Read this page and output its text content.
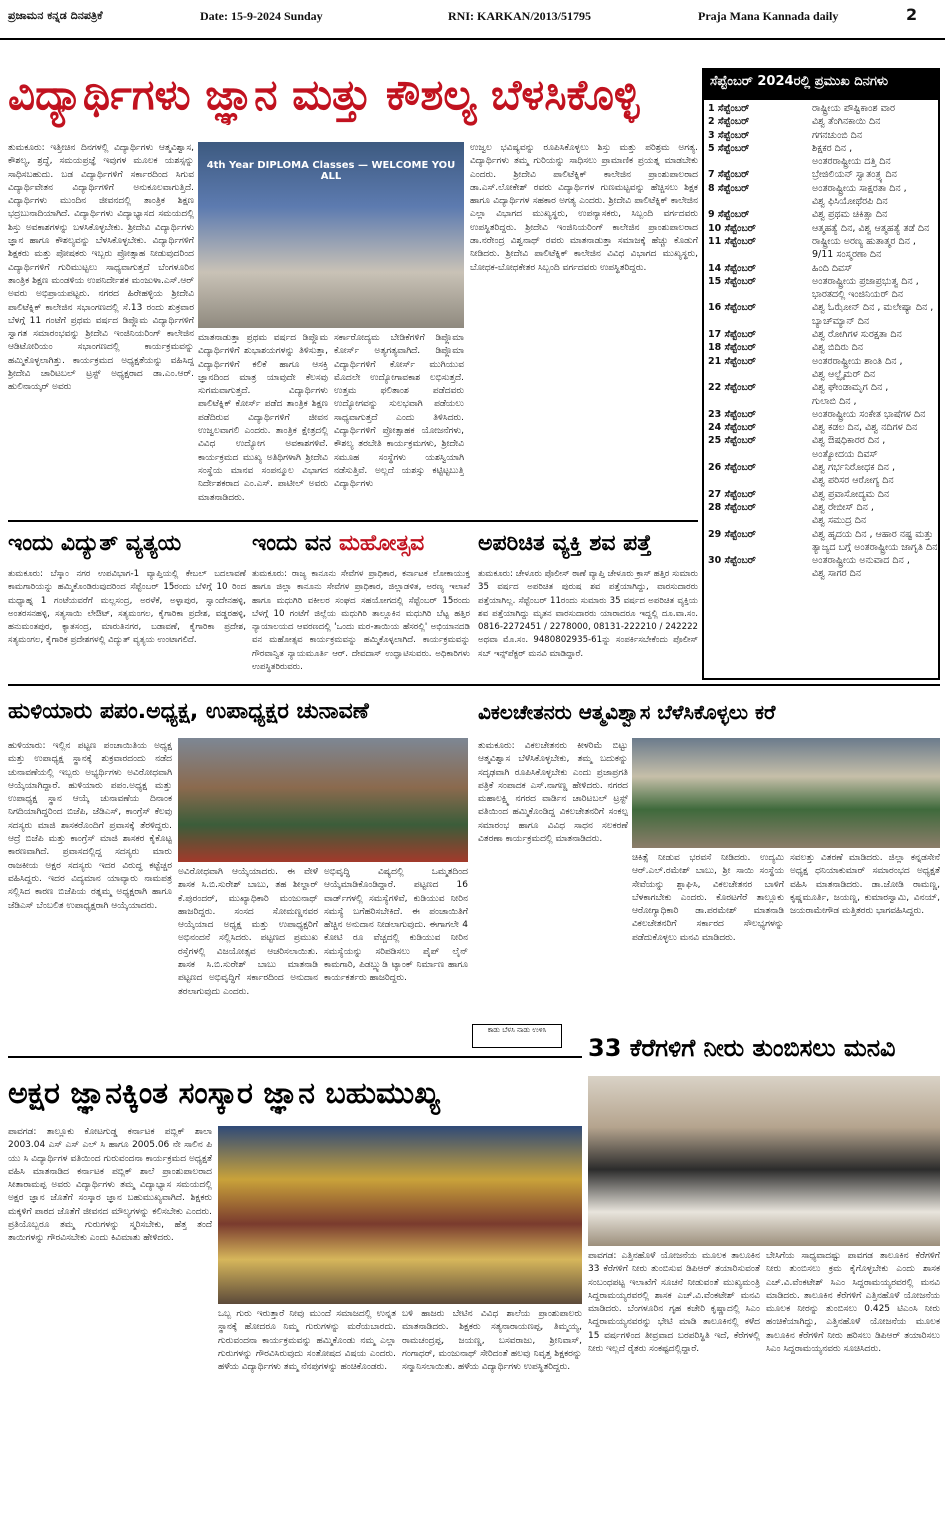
ಪ್ರಜಾಮನ ಕನ್ನಡ ದಿನಪತ್ರಿಕೆ	Date: 15-9-2024 Sunday	RNI: KARKAN/2013/51795	Praja Mana Kannada daily	2
ವಿದ್ಯಾರ್ಥಿಗಳು ಜ್ಞಾನ ಮತ್ತು ಕೌಶಲ್ಯ ಬೆಳಸಿಕೊಳ್ಳಿ
ತುಮಕೂರು: ಇತ್ತೀಚಿನ ದಿನಗಳಲ್ಲಿ ವಿದ್ಯಾರ್ಥಿಗಳು ಆತ್ಮವಿಶ್ವಾಸ, ಕೌಶಲ್ಯ, ಶ್ರದ್ಧೆ, ಸಮಯಪ್ರಜ್ಞೆ ಇವುಗಳ ಮೂಲಕ ಯಶಸ್ಸನ್ನು ಸಾಧಿಸಬಹುದು. ಬಡ ವಿದ್ಯಾರ್ಥಿಗಳಿಗೆ ಸರ್ಕಾರದಿಂದ ಸಿಗುವ ವಿದ್ಯಾರ್ಥಿವೇತನ ವಿದ್ಯಾರ್ಥಿಗಳಿಗೆ ಅನುಕೂಲವಾಗುತ್ತಿದೆ. ವಿದ್ಯಾರ್ಥಿಗಳು ಮುಂದಿನ ಜೀವನದಲ್ಲಿ ತಾಂತ್ರಿಕ ಶಿಕ್ಷಣ ಭದ್ರಬುನಾದಿಯಾಗಿದೆ. ವಿದ್ಯಾರ್ಥಿಗಳು ವಿದ್ಯಾಭ್ಯಾಸದ ಸಮಯದಲ್ಲಿ ಶಿಸ್ತು ಅವಕಾಶಗಳನ್ನು ಬಳಸಿಕೊಳ್ಳಬೇಕು. ಶ್ರೀದೇವಿ ವಿದ್ಯಾರ್ಥಿಗಳು ಜ್ಞಾನ ಹಾಗೂ ಕೌಶಲ್ಯವನ್ನು ಬೆಳಸಿಕೊಳ್ಳಬೇಕು. ವಿದ್ಯಾರ್ಥಿಗಳಿಗೆ ಶಿಕ್ಷಕರು ಮತ್ತು ಪೋಷಕರು ಇಬ್ಬರು ಪ್ರೋತ್ಸಾಹ ನೀಡುವುದರಿಂದ ವಿದ್ಯಾರ್ಥಿಗಳಿಗೆ ಗುರಿಮುಟ್ಟಲು ಸಾಧ್ಯವಾಗುತ್ತದೆ ಬೆಂಗಳೂರಿನ ತಾಂತ್ರಿಕ ಶಿಕ್ಷಣ ಮಂಡಳಿಯ ಉಪನಿರ್ದೇಶಕ ಮಂಜುಳಾ.ಎಸ್.ಆರ್ ಅವರು ಅಭಿಪ್ರಾಯಪಟ್ಟರು. ನಗರದ ಹಿರೇಹಳ್ಳಿಯ ಶ್ರೀದೇವಿ ಪಾಲಿಟೆಕ್ನಿಕ್ ಕಾಲೇಜಿನ ಸಭಾಂಗಣದಲ್ಲಿ ಸೆ.13 ರಂದು ಶುಕ್ರವಾರ ಬೆಳಗ್ಗೆ 11 ಗಂಟೆಗೆ ಪ್ರಥಮ ವರ್ಷದ ಡಿಪ್ಲೊಮ ವಿದ್ಯಾರ್ಥಿಗಳಿಗೆ ಸ್ವಾಗತ ಸಮಾರಂಭವನ್ನು ಶ್ರೀದೇವಿ ಇಂಜಿನಿಯರಿಂಗ್ ಕಾಲೇಜಿನ ಆಡಿಟೋರಿಯಂ ಸಭಾಂಗಣದಲ್ಲಿ ಕಾರ್ಯಕ್ರಮವನ್ನು ಹಮ್ಮಿಕೊಳ್ಳಲಾಗಿತ್ತು. ಕಾರ್ಯಕ್ರಮದ ಅಧ್ಯಕ್ಷತೆಯನ್ನು ವಹಿಸಿದ್ದ ಶ್ರೀದೇವಿ ಚಾರಿಟಬಲ್ ಟ್ರಸ್ಟ್ ಅಧ್ಯಕ್ಷರಾದ ಡಾ.ಎಂ.ಆರ್. ಹುಲಿನಾಯ್ಕರ್ ಅವರು
4th Year DIPLOMA Classes — WELCOME YOU ALL
ಮಾತನಾಡುತ್ತಾ ಪ್ರಥಮ ವರ್ಷದ ಡಿಪ್ಲೊಮ ವಿದ್ಯಾರ್ಥಿಗಳಿಗೆ ಶುಭಾಶಯಗಳನ್ನು ತಿಳಿಸುತ್ತಾ, ವಿದ್ಯಾರ್ಥಿಗಳಿಗೆ ಕಲಿಕೆ ಹಾಗೂ ಆಸಕ್ತಿ ಜ್ಞಾನದಿಂದ ಮಾತ್ರ ಯಾವುದೇ ಕೆಲಸವು ಸುಗಮವಾಗುತ್ತದೆ. ವಿದ್ಯಾರ್ಥಿಗಳು ಪಾಲಿಟೆಕ್ನಿಕ್ ಕೋರ್ಸ್ ಪಡೆದ ತಾಂತ್ರಿಕ ಶಿಕ್ಷಣ ಪಡೆದಿರುವ ವಿದ್ಯಾರ್ಥಿಗಳಿಗೆ ಜೀವನ ಉಜ್ವಲವಾಗಲಿ ಎಂದರು. ತಾಂತ್ರಿಕ ಕ್ಷೇತ್ರದಲ್ಲಿ ವಿವಿಧ ಉದ್ಯೋಗ ಅವಕಾಶಗಳಿವೆ. ಕಾರ್ಯಕ್ರಮದ ಮುಖ್ಯ ಅತಿಥಿಗಳಾಗಿ ಶ್ರೀದೇವಿ ಸಂಸ್ಥೆಯ ಮಾನವ ಸಂಪನ್ಮೂಲ ವಿಭಾಗದ ನಿರ್ದೇಶಕರಾದ ಎಂ.ಎಸ್. ಪಾಟೀಲ್ ಅವರು ಮಾತನಾಡಿದರು.
ಸರ್ಕಾರೋದ್ಯಮ ಬೇಡಿಕೆಗಳಿಗೆ ಡಿಪ್ಲೊಮಾ ಕೋರ್ಸ್ ಅತ್ಯಗತ್ಯವಾಗಿದೆ. ಡಿಪ್ಲೊಮಾ ವಿದ್ಯಾರ್ಥಿಗಳಿಗೆ ಕೋರ್ಸ್ ಮುಗಿಯುವ ಮೊದಲೇ ಉದ್ಯೋಗಾವಕಾಶ ಲಭಿಸುತ್ತದೆ. ಉತ್ತಮ ಫಲಿತಾಂಶ ಪಡೆದವರು ಉದ್ಯೋಗವನ್ನು ಸುಲಭವಾಗಿ ಪಡೆಯಲು ಸಾಧ್ಯವಾಗುತ್ತದೆ ಎಂದು ತಿಳಿಸಿದರು. ವಿದ್ಯಾರ್ಥಿಗಳಿಗೆ ಪ್ರೋತ್ಸಾಹಕ ಯೋಜನೆಗಳು, ಕೌಶಲ್ಯ ತರಬೇತಿ ಕಾರ್ಯಕ್ರಮಗಳು, ಶ್ರೀದೇವಿ ಸಮೂಹ ಸಂಸ್ಥೆಗಳು ಯಶಸ್ವಿಯಾಗಿ ನಡೆಸುತ್ತಿವೆ. ಅಲ್ಲದೆ ಯಶಸ್ಸು ಕಟ್ಟಿಟ್ಟಬುತ್ತಿ ವಿದ್ಯಾರ್ಥಿಗಳು
ಉಜ್ವಲ ಭವಿಷ್ಯವನ್ನು ರೂಪಿಸಿಕೊಳ್ಳಲು ಶಿಸ್ತು ಮತ್ತು ಪರಿಶ್ರಮ ಅಗತ್ಯ. ವಿದ್ಯಾರ್ಥಿಗಳು ತಮ್ಮ ಗುರಿಯನ್ನು ಸಾಧಿಸಲು ಪ್ರಾಮಾಣಿಕ ಪ್ರಯತ್ನ ಮಾಡಬೇಕು ಎಂದರು. ಶ್ರೀದೇವಿ ಪಾಲಿಟೆಕ್ನಿಕ್ ಕಾಲೇಜಿನ ಪ್ರಾಂಶುಪಾಲರಾದ ಡಾ.ಎಸ್.ಲೋಕೇಶ್ ರವರು ವಿದ್ಯಾರ್ಥಿಗಳ ಗುಣಮಟ್ಟವನ್ನು ಹೆಚ್ಚಿಸಲು ಶಿಕ್ಷಕ ಹಾಗೂ ವಿದ್ಯಾರ್ಥಿಗಳ ಸಹಕಾರ ಅಗತ್ಯ ಎಂದರು. ಶ್ರೀದೇವಿ ಪಾಲಿಟೆಕ್ನಿಕ್ ಕಾಲೇಜಿನ ಎಲ್ಲಾ ವಿಭಾಗದ ಮುಖ್ಯಸ್ಥರು, ಉಪನ್ಯಾಸಕರು, ಸಿಬ್ಬಂದಿ ವರ್ಗದವರು ಉಪಸ್ಥಿತರಿದ್ದರು. ಶ್ರೀದೇವಿ ಇಂಜಿನಿಯರಿಂಗ್ ಕಾಲೇಜಿನ ಪ್ರಾಂಶುಪಾಲರಾದ ಡಾ.ನರೇಂದ್ರ ವಿಶ್ವನಾಥ್ ರವರು ಮಾತನಾಡುತ್ತಾ ಸಮಾಜಕ್ಕೆ ಹೆಚ್ಚು ಕೊಡುಗೆ ನೀಡಿದರು. ಶ್ರೀದೇವಿ ಪಾಲಿಟೆಕ್ನಿಕ್ ಕಾಲೇಜಿನ ವಿವಿಧ ವಿಭಾಗದ ಮುಖ್ಯಸ್ಥರು, ಬೋಧಕ-ಬೋಧಕೇತರ ಸಿಬ್ಬಂದಿ ವರ್ಗದವರು ಉಪಸ್ಥಿತರಿದ್ದರು.
ಸೆಪ್ಟೆಂಬರ್ 2024ರಲ್ಲಿ ಪ್ರಮುಖ ದಿನಗಳು
1 ಸೆಪ್ಟೆಂಬರ್	ರಾಷ್ಟ್ರೀಯ ಪೌಷ್ಟಿಕಾಂಶ ವಾರ
2 ಸೆಪ್ಟೆಂಬರ್	ವಿಶ್ವ ತೆಂಗಿನಕಾಯಿ ದಿನ
3 ಸೆಪ್ಟೆಂಬರ್	ಗಗನಚುಂಬಿ ದಿನ
5 ಸೆಪ್ಟೆಂಬರ್	ಶಿಕ್ಷಕರ ದಿನ ,
ಅಂತರರಾಷ್ಟ್ರೀಯ ದತ್ತಿ ದಿನ
7 ಸೆಪ್ಟೆಂಬರ್	ಬ್ರೇಜಿಲಿಯನ್ ಸ್ವಾತಂತ್ರ್ಯ ದಿನ
8 ಸೆಪ್ಟೆಂಬರ್	ಅಂತರಾಷ್ಟ್ರೀಯ ಸಾಕ್ಷರತಾ ದಿನ ,
ವಿಶ್ವ ಫಿಸಿಯೋಥೆರಪಿ ದಿನ
9 ಸೆಪ್ಟೆಂಬರ್	ವಿಶ್ವ ಪ್ರಥಮ ಚಿಕಿತ್ಸಾ ದಿನ
10 ಸೆಪ್ಟೆಂಬರ್	ಆತ್ಮಹತ್ಯೆ ದಿನ, ವಿಶ್ವ ಆತ್ಮಹತ್ಯೆ ತಡೆ ದಿನ
11 ಸೆಪ್ಟೆಂಬರ್	ರಾಷ್ಟ್ರೀಯ ಅರಣ್ಯ ಹುತಾತ್ಮರ ದಿನ ,
9/11 ಸಂಸ್ಮರಣಾ ದಿನ
14 ಸೆಪ್ಟೆಂಬರ್	ಹಿಂದಿ ದಿವಸ್
15 ಸೆಪ್ಟೆಂಬರ್	ಅಂತರಾಷ್ಟ್ರೀಯ ಪ್ರಜಾಪ್ರಭುತ್ವ ದಿನ ,
ಭಾರತದಲ್ಲಿ ಇಂಜಿನಿಯರ್ ದಿನ
16 ಸೆಪ್ಟೆಂಬರ್	ವಿಶ್ವ ಓಝೋನ್ ದಿನ , ಮಲೇಷ್ಯಾ ದಿನ ,
ಬ್ಯಾಚ್‌ಮ್ಯಾನ್ ದಿನ
17 ಸೆಪ್ಟೆಂಬರ್	ವಿಶ್ವ ರೋಗಿಗಳ ಸುರಕ್ಷತಾ ದಿನ
18 ಸೆಪ್ಟೆಂಬರ್	ವಿಶ್ವ ಬಿದಿರು ದಿನ
21 ಸೆಪ್ಟೆಂಬರ್	ಅಂತರರಾಷ್ಟ್ರೀಯ ಶಾಂತಿ ದಿನ ,
ವಿಶ್ವ ಆಲ್ಝೈಮರ್ ದಿನ
22 ಸೆಪ್ಟೆಂಬರ್	ವಿಶ್ವ ಘೇಂಡಾಮೃಗ ದಿನ ,
ಗುಲಾಬಿ ದಿನ ,
23 ಸೆಪ್ಟೆಂಬರ್	ಅಂತರಾಷ್ಟ್ರೀಯ ಸಂಕೇತ ಭಾಷೆಗಳ ದಿನ
24 ಸೆಪ್ಟೆಂಬರ್	ವಿಶ್ವ ಕಡಲ ದಿನ, ವಿಶ್ವ ನದಿಗಳ ದಿನ
25 ಸೆಪ್ಟೆಂಬರ್	ವಿಶ್ವ ಔಷಧಿಕಾರರ ದಿನ ,
ಅಂತ್ಯೋದಯ ದಿವಸ್
26 ಸೆಪ್ಟೆಂಬರ್	ವಿಶ್ವ ಗರ್ಭನಿರೋಧಕ ದಿನ ,
ವಿಶ್ವ ಪರಿಸರ ಆರೋಗ್ಯ ದಿನ
27 ಸೆಪ್ಟೆಂಬರ್	ವಿಶ್ವ ಪ್ರವಾಸೋದ್ಯಮ ದಿನ
28 ಸೆಪ್ಟೆಂಬರ್	ವಿಶ್ವ ರೇಬೀಸ್ ದಿನ ,
ವಿಶ್ವ ಸಮುದ್ರ ದಿನ
29 ಸೆಪ್ಟೆಂಬರ್	ವಿಶ್ವ ಹೃದಯ ದಿನ , ಆಹಾರ ನಷ್ಟ ಮತ್ತು
ತ್ಯಾಜ್ಯದ ಬಗ್ಗೆ ಅಂತರಾಷ್ಟ್ರೀಯ ಜಾಗೃತಿ ದಿನ
30 ಸೆಪ್ಟೆಂಬರ್	ಅಂತರಾಷ್ಟ್ರೀಯ ಅನುವಾದ ದಿನ ,
ವಿಶ್ವ ಸಾಗರ ದಿನ
ಇಂದು ವಿದ್ಯುತ್ ವ್ಯತ್ಯಯ
ತುಮಕೂರು: ಬೆಸ್ಕಾಂ ನಗರ ಉಪವಿಭಾಗ-1 ವ್ಯಾಪ್ತಿಯಲ್ಲಿ ಕೇಬಲ್ ಬದಲಾವಣೆ ಕಾಮಗಾರಿಯನ್ನು ಹಮ್ಮಿಕೊಂಡಿರುವುದರಿಂದ ಸೆಪ್ಟೆಂಬರ್ 15ರಂದು ಬೆಳಿಗ್ಗೆ 10 ರಿಂದ ಮಧ್ಯಾಹ್ನ 1 ಗಂಟೆಯವರೆಗೆ ಮಲ್ಲಸಂದ್ರ, ಅರಳೆಕೆ, ಅಳ್ಳಾಪುರ, ಸ್ವಾಂದೇನಹಳ್ಳಿ, ಅಂತರಸನಹಳ್ಳಿ, ಸತ್ಯಸಾಯಿ ಲೇಔಟ್, ಸತ್ಯಮಂಗಲ, ಕೈಗಾರಿಕಾ ಪ್ರದೇಶ, ವಡ್ಡರಹಳ್ಳಿ, ಹನುಮಂತಪುರ, ಕ್ಯಾತಸಂದ್ರ, ಮಾರುತಿನಗರ, ಬಡಾವಣೆ, ಕೈಗಾರಿಕಾ ಪ್ರದೇಶ, ಸತ್ಯಮಂಗಲ, ಕೈಗಾರಿಕ ಪ್ರದೇಶಗಳಲ್ಲಿ ವಿದ್ಯುತ್ ವ್ಯತ್ಯಯ ಉಂಟಾಗಲಿದೆ.
ಇಂದು ವನ ಮಹೋತ್ಸವ
ತುಮಕೂರು: ರಾಜ್ಯ ಕಾನೂನು ಸೇವೆಗಳ ಪ್ರಾಧಿಕಾರ, ಕರ್ನಾಟಕ ಲೋಕಾಯುಕ್ತ ಹಾಗೂ ಜಿಲ್ಲಾ ಕಾನೂನು ಸೇವೆಗಳ ಪ್ರಾಧಿಕಾರ, ಜಿಲ್ಲಾಡಳಿತ, ಅರಣ್ಯ ಇಲಾಖೆ ಹಾಗೂ ಮಧುಗಿರಿ ವಕೀಲರ ಸಂಘದ ಸಹಯೋಗದಲ್ಲಿ ಸೆಪ್ಟೆಂಬರ್ 15ರಂದು ಬೆಳಗ್ಗೆ 10 ಗಂಟೆಗೆ ಜಿಲ್ಲೆಯ ಮಧುಗಿರಿ ತಾಲ್ಲೂಕಿನ ಮಧುಗಿರಿ ಬೆಟ್ಟ ಹತ್ತಿರ ನ್ಯಾಯಾಲಯದ ಆವರಣದಲ್ಲಿ 'ಒಂದು ಮರ-ತಾಯಿಯ ಹೆಸರಲ್ಲಿ' ಅಭಿಯಾನದಡಿ ವನ ಮಹೋತ್ಸವ ಕಾರ್ಯಕ್ರಮವನ್ನು ಹಮ್ಮಿಕೊಳ್ಳಲಾಗಿದೆ. ಕಾರ್ಯಕ್ರಮವನ್ನು ಗೌರವಾನ್ವಿತ ನ್ಯಾಯಮೂರ್ತಿ ಆರ್. ದೇವದಾಸ್ ಉದ್ಘಾಟಿಸುವರು. ಅಧಿಕಾರಿಗಳು ಉಪಸ್ಥಿತರಿರುವರು.
ಅಪರಿಚಿತ ವ್ಯಕ್ತಿ ಶವ ಪತ್ತೆ
ತುಮಕೂರು: ಚೇಳೂರು ಪೊಲೀಸ್ ಠಾಣೆ ವ್ಯಾಪ್ತಿ ಚೇಳೂರು ಕ್ರಾಸ್ ಹತ್ತಿರ ಸುಮಾರು 35 ವರ್ಷದ ಅಪರಿಚಿತ ಪುರುಷ ಶವ ಪತ್ತೆಯಾಗಿದ್ದು, ವಾರಸುದಾರರು ಪತ್ತೆಯಾಗಿಲ್ಲ. ಸೆಪ್ಟೆಂಬರ್ 11ರಂದು ಸುಮಾರು 35 ವರ್ಷದ ಅಪರಿಚಿತ ವ್ಯಕ್ತಿಯ ಶವ ಪತ್ತೆಯಾಗಿದ್ದು ಮೃತನ ವಾರಸುದಾರರು ಯಾರಾದರೂ ಇದ್ದಲ್ಲಿ ದೂ.ವಾ.ಸಂ. 0816-2272451 / 2278000, 08131-222210 / 242222 ಅಥವಾ ಮೊ.ಸಂ. 9480802935-61ನ್ನು ಸಂಪರ್ಕಿಸಬೇಕೆಂದು ಪೊಲೀಸ್ ಸಬ್ ಇನ್ಸ್‌ಪೆಕ್ಟರ್ ಮನವಿ ಮಾಡಿದ್ದಾರೆ.
ಹುಳಿಯಾರು ಪಪಂ.ಅಧ್ಯಕ್ಷ, ಉಪಾಧ್ಯಕ್ಷರ ಚುನಾವಣೆ
ಹುಳಿಯಾರು: ಇಲ್ಲಿನ ಪಟ್ಟಣ ಪಂಚಾಯಿತಿಯ ಅಧ್ಯಕ್ಷ ಮತ್ತು ಉಪಾಧ್ಯಕ್ಷ ಸ್ಥಾನಕ್ಕೆ ಶುಕ್ರವಾರದಂದು ನಡೆದ ಚುನಾವಣೆಯಲ್ಲಿ ಇಬ್ಬರು ಅಭ್ಯರ್ಥಿಗಳು ಅವಿರೋಧವಾಗಿ ಆಯ್ಕೆಯಾಗಿದ್ದಾರೆ. ಹುಳಿಯಾರು ಪಪಂ.ಅಧ್ಯಕ್ಷ ಮತ್ತು ಉಪಾಧ್ಯಕ್ಷ ಸ್ಥಾನ ಆಯ್ಕೆ ಚುನಾವಣೆಯ ದಿನಾಂಕ ನಿಗದಿಯಾಗಿದ್ದರಿಂದ ಬಿಜೆಪಿ, ಜೆಡಿಎಸ್, ಕಾಂಗ್ರೆಸ್ ಕೆಲವು ಸದಸ್ಯರು ಮಾಜಿ ಶಾಸಕರೊಂದಿಗೆ ಪ್ರವಾಸಕ್ಕೆ ತೆರಳಿದ್ದರು. ಆದ್ರೆ ಬಿಜೆಪಿ ಮತ್ತು ಕಾಂಗ್ರೆಸ್ ಮಾಜಿ ಶಾಸಕರ ಕೈಕೊಟ್ಟ ಕಾರಣವಾಗಿದೆ. ಪ್ರವಾಸದಲ್ಲಿದ್ದ ಸದಸ್ಯರು ಮಾರು ರಾಜಕೀಯ ಅಕ್ಷರ ಸದಸ್ಯರು ಇದರ ವಿರುದ್ಧ ಕಟ್ಟೆಚ್ಚರ ವಹಿಸಿದ್ದರು. ಇದರ ವಿದ್ಯಮಾನ ಯಾವ್ಯಾರು ನಾಮಪತ್ರ ಸಲ್ಲಿಸಿದ ಕಾರಣ ಬಿಜೆಪಿಯ ರತ್ನಮ್ಮ ಅಧ್ಯಕ್ಷರಾಗಿ ಹಾಗೂ ಜೆಡಿಎಸ್ ಬೆಂಬಲಿತ ಉಪಾಧ್ಯಕ್ಷರಾಗಿ ಆಯ್ಕೆಯಾದರು.
ಅವಿರೋಧವಾಗಿ ಆಯ್ಕೆಯಾದರು. ಈ ವೇಳೆ ಶಾಸಕ ಸಿ.ಬಿ.ಸುರೇಶ್ ಬಾಬು, ತಹ ಶೀಲ್ದಾರ್ ಕೆ.ಪುರಂದರ್, ಮುಖ್ಯಾಧಿಕಾರಿ ಮಂಜುನಾಥ್ ಹಾಜರಿದ್ದರು. ಸಂಸದ ಸೋಮಣ್ಣನವರ ಆಯ್ಕೆಯಾದ ಅಧ್ಯಕ್ಷ ಮತ್ತು ಉಪಾಧ್ಯಕ್ಷರಿಗೆ ಅಭಿನಂದನೆ ಸಲ್ಲಿಸಿದರು. ಪಟ್ಟಣದ ಪ್ರಮುಖ ರಸ್ತೆಗಳಲ್ಲಿ ವಿಜಯೋತ್ಸವ ಆಚರಿಸಲಾಯಿತು. ಶಾಸಕ ಸಿ.ಬಿ.ಸುರೇಶ್ ಬಾಬು ಮಾತನಾಡಿ ಪಟ್ಟಣದ ಅಭಿವೃದ್ಧಿಗೆ ಸರ್ಕಾರದಿಂದ ಅನುದಾನ ತರಲಾಗುವುದು ಎಂದರು.
ಅಭಿವೃದ್ಧಿ ವಿಷ್ಯದಲ್ಲಿ ಒಮ್ಮತದಿಂದ ಆಯ್ಕೆಮಾಡಿಕೊಂಡಿದ್ದಾರೆ. ಪಟ್ಟಣದ 16 ವಾರ್ಡ್‌ಗಳಲ್ಲಿ ಸಮಸ್ಯೆಗಳಿವೆ, ಕುಡಿಯುವ ನೀರಿನ ಸಮಸ್ಯೆ ಬಗೆಹರಿಸಬೇಕಿದೆ. ಈ ಪಂಚಾಯಿತಿಗೆ ಹೆಚ್ಚಿನ ಅನುದಾನ ನೀಡಲಾಗುವುದು. ಈಗಾಗಲೇ 4 ಕೋಟಿ ರೂ ವೆಚ್ಚದಲ್ಲಿ ಕುಡಿಯುವ ನೀರಿನ ಸಮಸ್ಯೆಯನ್ನು ಸರಿಪಡಿಸಲು ಪೈಪ್ ಲೈನ್ ಕಾಮಗಾರಿ, ಪಿಡಬ್ಲ್ಯುಡಿ ಟ್ಯಾಂಕ್ ನಿರ್ಮಾಣ ಹಾಗೂ ಕಾರ್ಯಕರ್ತರು ಹಾಜರಿದ್ದರು.
ವಿಕಲಚೇತನರು ಆತ್ಮವಿಶ್ವಾಸ ಬೆಳೆಸಿಕೊಳ್ಳಲು ಕರೆ
ತುಮಕೂರು: ವಿಕಲಚೇತನರು ಕೀಳರಿಮೆ ಬಿಟ್ಟು ಆತ್ಮವಿಶ್ವಾಸ ಬೆಳೆಸಿಕೊಳ್ಳಬೇಕು, ತಮ್ಮ ಬದುಕನ್ನು ಸದೃಢವಾಗಿ ರೂಪಿಸಿಕೊಳ್ಳಬೇಕು ಎಂದು ಪ್ರಜಾಪ್ರಗತಿ ಪತ್ರಿಕೆ ಸಂಪಾದಕ ಎಸ್.ನಾಗಣ್ಣ ಹೇಳಿದರು. ನಗರದ ಮಹಾಲಕ್ಷ್ಮಿ ನಗರದ ವಾರ್ಡಿನ ಚಾರಿಟಬಲ್ ಟ್ರಸ್ಟ್ ವತಿಯಿಂದ ಹಮ್ಮಿಕೊಂಡಿದ್ದ ವಿಕಲಚೇತನರಿಗೆ ಸಂಕಲ್ಪ ಸಮಾರಂಭ ಹಾಗೂ ವಿವಿಧ ಸಾಧನ ಸಲಕರಣೆ ವಿತರಣಾ ಕಾರ್ಯಕ್ರಮದಲ್ಲಿ ಮಾತನಾಡಿದರು.
ಚಿಕಿತ್ಸೆ ನೀಡುವ ಭರವಸೆ ನೀಡಿದರು. ಉದ್ಯಮಿ ಆರ್.ಎಲ್.ರಮೇಶ್ ಬಾಬು, ಶ್ರೀ ಸಾಯಿ ಸಂಸ್ಥೆಯ ಸೇವೆಯನ್ನು ಶ್ಲಾಘಿಸಿ, ವಿಕಲಚೇತನರ ಬಾಳಿಗೆ ಬೆಳಕಾಗಬೇಕು ಎಂದರು. ಕೊರಟಗೆರೆ ತಾಲ್ಲೂಕು ಆರೋಗ್ಯಾಧಿಕಾರಿ ಡಾ.ಪರಮೇಶ್ ಮಾತನಾಡಿ ವಿಕಲಚೇತನರಿಗೆ ಸರ್ಕಾರದ ಸೌಲಭ್ಯಗಳನ್ನು ಪಡೆದುಕೊಳ್ಳಲು ಮನವಿ ಮಾಡಿದರು.
ಸವಲತ್ತು ವಿತರಣೆ ಮಾಡಿದರು. ಜಿಲ್ಲಾ ಕನ್ನಡಸೇನೆ ಅಧ್ಯಕ್ಷ ಧನಿಯಾಕುಮಾರ್ ಸಮಾರಂಭದ ಅಧ್ಯಕ್ಷತೆ ವಹಿಸಿ ಮಾತನಾಡಿದರು. ಡಾ.ಜೋಡಿ ರಾಮಣ್ಣ, ಕೃಷ್ಣಮೂರ್ತಿ, ಜಯಣ್ಣ, ಕುಮಾರಸ್ವಾಮಿ, ವಿನಯ್, ಜಯರಾಮೇಗೌಡ ಮತ್ತಿತರರು ಭಾಗವಹಿಸಿದ್ದರು.
ಕಾಡು ಬೆಳಸಿ ನಾಡು ಉಳಿಸಿ
33 ಕೆರೆಗಳಿಗೆ ನೀರು ತುಂಬಿಸಲು ಮನವಿ
ಪಾವಗಡ: ಎತ್ತಿನಹೊಳೆ ಯೋಜನೆಯ ಮೂಲಕ ತಾಲೂಕಿನ 33 ಕೆರೆಗಳಿಗೆ ನೀರು ತುಂಬಿಸುವ ಡಿಪಿಆರ್ ತಯಾರಿಸುವಂತೆ ಸಂಬಂಧಪಟ್ಟ ಇಲಾಖೆಗೆ ಸೂಚನೆ ನೀಡುವಂತೆ ಮುಖ್ಯಮಂತ್ರಿ ಸಿದ್ದರಾಮಯ್ಯರವರಲ್ಲಿ ಶಾಸಕ ಎಚ್.ವಿ.ವೆಂಕಟೇಶ್ ಮನವಿ ಮಾಡಿದರು. ಬೆಂಗಳೂರಿನ ಗೃಹ ಕಚೇರಿ ಕೃಷ್ಣಾದಲ್ಲಿ ಸಿಎಂ ಸಿದ್ದರಾಮಯ್ಯನವರನ್ನು ಭೇಟಿ ಮಾಡಿ ತಾಲೂಕಿನಲ್ಲಿ ಕಳೆದ 15 ವರ್ಷಗಳಿಂದ ತೀವ್ರವಾದ ಬರಪರಿಸ್ಥಿತಿ ಇದೆ, ಕೆರೆಗಳಲ್ಲಿ ನೀರು ಇಲ್ಲದೆ ರೈತರು ಸಂಕಷ್ಟದಲ್ಲಿದ್ದಾರೆ.
ಬೇಸಿಗೆಯ ಸಾಧ್ಯವಾದಷ್ಟು ಪಾವಗಡ ತಾಲೂಕಿನ ಕೆರೆಗಳಿಗೆ ನೀರು ತುಂಬಿಸಲು ಕ್ರಮ ಕೈಗೊಳ್ಳಬೇಕು ಎಂದು ಶಾಸಕ ಎಚ್.ವಿ.ವೆಂಕಟೇಶ್ ಸಿಎಂ ಸಿದ್ದರಾಮಯ್ಯರವರಲ್ಲಿ ಮನವಿ ಮಾಡಿದರು. ತಾಲೂಕಿನ ಕೆರೆಗಳಿಗೆ ಎತ್ತಿನಹೊಳೆ ಯೋಜನೆಯ ಮೂಲಕ ನೀರನ್ನು ತುಂಬಿಸಲು 0.425 ಟಿಎಂಸಿ ನೀರು ಹಂಚಿಕೆಯಾಗಿದ್ದು, ಎತ್ತಿನಹೊಳೆ ಯೋಜನೆಯ ಮೂಲಕ ತಾಲೂಕಿನ ಕೆರೆಗಳಿಗೆ ನೀರು ಹರಿಸಲು ಡಿಪಿಆರ್ ತಯಾರಿಸಲು ಸಿಎಂ ಸಿದ್ದರಾಮಯ್ಯನವರು ಸೂಚಿಸಿದರು.
ಅಕ್ಷರ ಜ್ಞಾನಕ್ಕಿಂತ ಸಂಸ್ಕಾರ ಜ್ಞಾನ ಬಹುಮುಖ್ಯ
ಪಾವಗಡ: ತಾಲ್ಲೂಕು ಕೋಟಗುಡ್ಡ ಕರ್ನಾಟಕ ಪಬ್ಲಿಕ್ ಶಾಲಾ 2003.04 ಎಸ್ ಎಸ್ ಎಲ್ ಸಿ ಹಾಗೂ 2005.06 ನೇ ಸಾಲಿನ ಪಿ ಯು ಸಿ ವಿದ್ಯಾರ್ಥಿಗಳ ವತಿಯಿಂದ ಗುರುವಂದನಾ ಕಾರ್ಯಕ್ರಮದ ಅಧ್ಯಕ್ಷತೆ ವಹಿಸಿ ಮಾತನಾಡಿದ ಕರ್ನಾಟಕ ಪಬ್ಲಿಕ್ ಶಾಲೆ ಪ್ರಾಂಶುಪಾಲರಾದ ಸೀತಾರಾಮಪ್ಪ ಅವರು ವಿದ್ಯಾರ್ಥಿಗಳು ತಮ್ಮ ವಿದ್ಯಾಭ್ಯಾಸ ಸಮಯದಲ್ಲಿ ಅಕ್ಷರ ಜ್ಞಾನ ಜೊತೆಗೆ ಸಂಸ್ಕಾರ ಜ್ಞಾನ ಬಹುಮುಖ್ಯವಾಗಿದೆ. ಶಿಕ್ಷಕರು ಮಕ್ಕಳಿಗೆ ಪಾಠದ ಜೊತೆಗೆ ಜೀವನದ ಮೌಲ್ಯಗಳನ್ನು ಕಲಿಸಬೇಕು ಎಂದರು. ಪ್ರತಿಯೊಬ್ಬರೂ ತಮ್ಮ ಗುರುಗಳನ್ನು ಸ್ಮರಿಸಬೇಕು, ಹೆತ್ತ ತಂದೆ ತಾಯಿಗಳನ್ನು ಗೌರವಿಸಬೇಕು ಎಂದು ಕಿವಿಮಾತು ಹೇಳಿದರು.
ಒಬ್ಬ ಗುರು ಇರುತ್ತಾರೆ ನೀವು ಮುಂದೆ ಸಮಾಜದಲ್ಲಿ ಉನ್ನತ ಸ್ಥಾನಕ್ಕೆ ಹೋದರೂ ನಿಮ್ಮ ಗುರುಗಳನ್ನು ಮರೆಯಬಾರದು. ಗುರುವಂದನಾ ಕಾರ್ಯಕ್ರಮವನ್ನು ಹಮ್ಮಿಕೊಂಡು ನಮ್ಮ ಎಲ್ಲಾ ಗುರುಗಳನ್ನು ಗೌರವಿಸಿರುವುದು ಸಂತೋಷದ ವಿಷಯ ಎಂದರು. ಹಳೆಯ ವಿದ್ಯಾರ್ಥಿಗಳು ತಮ್ಮ ನೆನಪುಗಳನ್ನು ಹಂಚಿಕೊಂಡರು.
ಬಳಿ ಹಾಜರು ಬೇಟಿನ ವಿವಿಧ ಶಾಲೆಯ ಪ್ರಾಂಶುಪಾಲರು ಮಾತನಾಡಿದರು. ಶಿಕ್ಷಕರು ಸತ್ಯನಾರಾಯಣಪ್ಪ, ತಿಮ್ಮಯ್ಯ, ರಾಮಚಂದ್ರಪ್ಪ, ಜಯಣ್ಣ, ಬಸವರಾಜು, ಶ್ರೀನಿವಾಸ್, ಗಂಗಾಧರ್, ಮಂಜುನಾಥ್ ಸೇರಿದಂತೆ ಹಲವು ನಿವೃತ್ತ ಶಿಕ್ಷಕರನ್ನು ಸನ್ಮಾನಿಸಲಾಯಿತು. ಹಳೆಯ ವಿದ್ಯಾರ್ಥಿಗಳು ಉಪಸ್ಥಿತರಿದ್ದರು.
